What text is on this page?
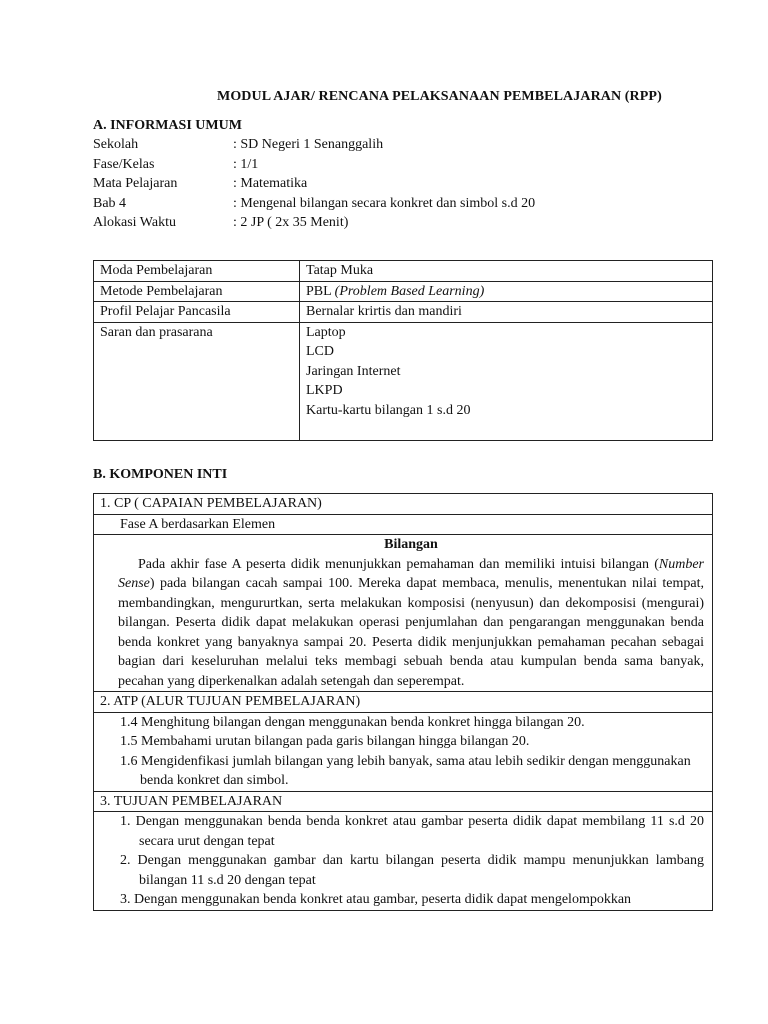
MODUL AJAR/ RENCANA PELAKSANAAN PEMBELAJARAN (RPP)
A. INFORMASI UMUM
Sekolah	: SD Negeri 1 Senanggalih
Fase/Kelas	: 1/1
Mata Pelajaran	: Matematika
Bab 4	: Mengenal bilangan secara konkret dan simbol s.d 20
Alokasi Waktu	: 2 JP ( 2x 35 Menit)
Moda Pembelajaran	Tatap Muka
Metode Pembelajaran	PBL (Problem Based Learning)
Profil Pelajar Pancasila	Bernalar krirtis dan mandiri
Saran dan prasarana	Laptop
LCD
Jaringan Internet
LKPD
Kartu-kartu bilangan 1 s.d 20
B. KOMPONEN INTI
1. CP ( CAPAIAN PEMBELAJARAN)
Fase A berdasarkan Elemen

Bilangan
Pada akhir fase A peserta didik menunjukkan pemahaman dan memiliki intuisi bilangan (Number Sense) pada bilangan cacah sampai 100. Mereka dapat membaca, menulis, menentukan nilai tempat, membandingkan, mengururtkan, serta melakukan komposisi (nenyusun) dan dekomposisi (mengurai) bilangan. Peserta didik dapat melakukan operasi penjumlahan dan pengarangan menggunakan benda benda konkret yang banyaknya sampai 20. Peserta didik menjunjukkan pemahaman pecahan sebagai bagian dari keseluruhan melalui teks membagi sebuah benda atau kumpulan benda sama banyak, pecahan yang diperkenalkan adalah setengah dan seperempat.

2. ATP (ALUR TUJUAN PEMBELAJARAN)

1.4 Menghitung bilangan dengan menggunakan benda konkret hingga bilangan 20.
1.5 Membahami urutan bilangan pada garis bilangan hingga bilangan 20.
1.6 Mengidenfikasi jumlah bilangan yang lebih banyak, sama atau lebih sedikir dengan menggunakan benda konkret dan simbol.

3. TUJUAN PEMBELAJARAN

1. Dengan menggunakan benda benda konkret atau gambar peserta didik dapat membilang 11 s.d 20 secara urut dengan tepat
2. Dengan menggunakan gambar dan kartu bilangan peserta didik mampu menunjukkan lambang bilangan 11 s.d 20 dengan tepat
3. Dengan menggunakan benda konkret atau gambar, peserta didik dapat mengelompokkan
